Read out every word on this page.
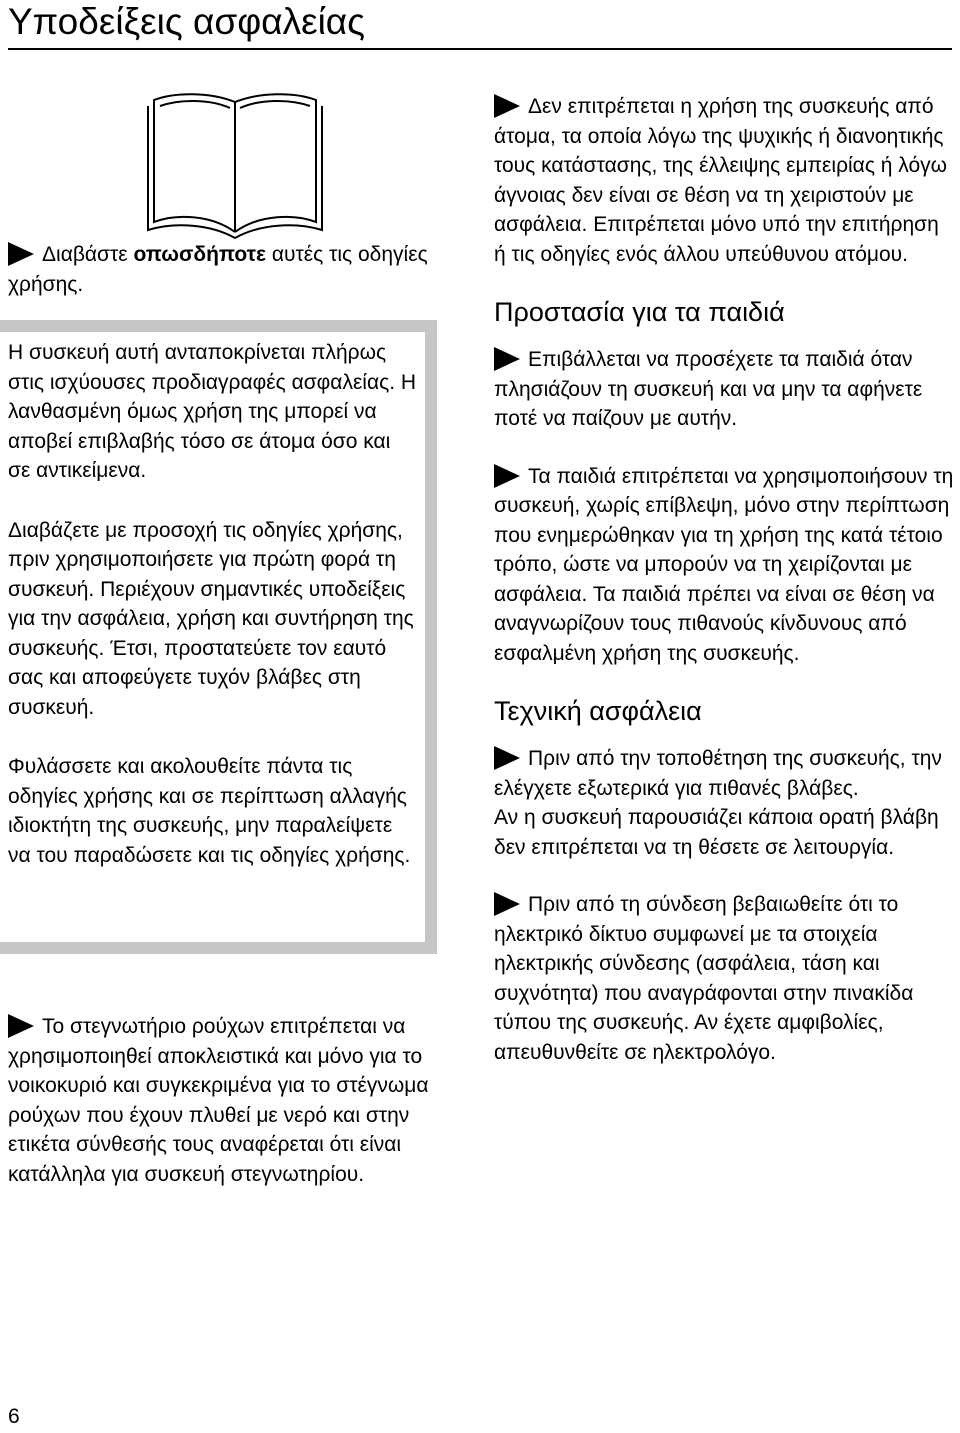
Υποδείξεις ασφαλείας

Διαβάστε οπωσδήποτε αυτές τις οδηγίες χρήσης.

Η συσκευή αυτή ανταποκρίνεται πλήρως στις ισχύουσες προδιαγραφές ασφαλείας. Η λανθασμένη όμως χρήση της μπορεί να αποβεί επιβλαβής τόσο σε άτομα όσο και σε αντικείμενα.

Διαβάζετε με προσοχή τις οδηγίες χρήσης, πριν χρησιμοποιήσετε για πρώτη φορά τη συσκευή. Περιέχουν σημαντικές υποδείξεις για την ασφάλεια, χρήση και συντήρηση της συσκευής. Έτσι, προστατεύετε τον εαυτό σας και αποφεύγετε τυχόν βλάβες στη συσκευή.

Φυλάσσετε και ακολουθείτε πάντα τις οδηγίες χρήσης και σε περίπτωση αλλαγής ιδιοκτήτη της συσκευής, μην παραλείψετε να του παραδώσετε και τις οδηγίες χρήσης.

Το στεγνωτήριο ρούχων επιτρέπεται να χρησιμοποιηθεί αποκλειστικά και μόνο για το νοικοκυριό και συγκεκριμένα για το στέγνωμα ρούχων που έχουν πλυθεί με νερό και στην ετικέτα σύνθεσής τους αναφέρεται ότι είναι κατάλληλα για συσκευή στεγνωτηρίου.

Δεν επιτρέπεται η χρήση της συσκευής από άτομα, τα οποία λόγω της ψυχικής ή διανοητικής τους κατάστασης, της έλλειψης εμπειρίας ή λόγω άγνοιας δεν είναι σε θέση να τη χειριστούν με ασφάλεια. Επιτρέπεται μόνο υπό την επιτήρηση ή τις οδηγίες ενός άλλου υπεύθυνου ατόμου.

Προστασία για τα παιδιά

Επιβάλλεται να προσέχετε τα παιδιά όταν πλησιάζουν τη συσκευή και να μην τα αφήνετε ποτέ να παίζουν με αυτήν.

Τα παιδιά επιτρέπεται να χρησιμοποιήσουν τη συσκευή, χωρίς επίβλεψη, μόνο στην περίπτωση που ενημερώθηκαν για τη χρήση της κατά τέτοιο τρόπο, ώστε να μπορούν να τη χειρίζονται με ασφάλεια. Τα παιδιά πρέπει να είναι σε θέση να αναγνωρίζουν τους πιθανούς κίνδυνους από εσφαλμένη χρήση της συσκευής.

Τεχνική ασφάλεια

Πριν από την τοποθέτηση της συσκευής, την ελέγχετε εξωτερικά για πιθανές βλάβες.

Αν η συσκευή παρουσιάζει κάποια ορατή βλάβη δεν επιτρέπεται να τη θέσετε σε λειτουργία.

Πριν από τη σύνδεση βεβαιωθείτε ότι το ηλεκτρικό δίκτυο συμφωνεί με τα στοιχεία ηλεκτρικής σύνδεσης (ασφάλεια, τάση και συχνότητα) που αναγράφονται στην πινακίδα τύπου της συσκευής. Αν έχετε αμφιβολίες, απευθυνθείτε σε ηλεκτρολόγο.

6
